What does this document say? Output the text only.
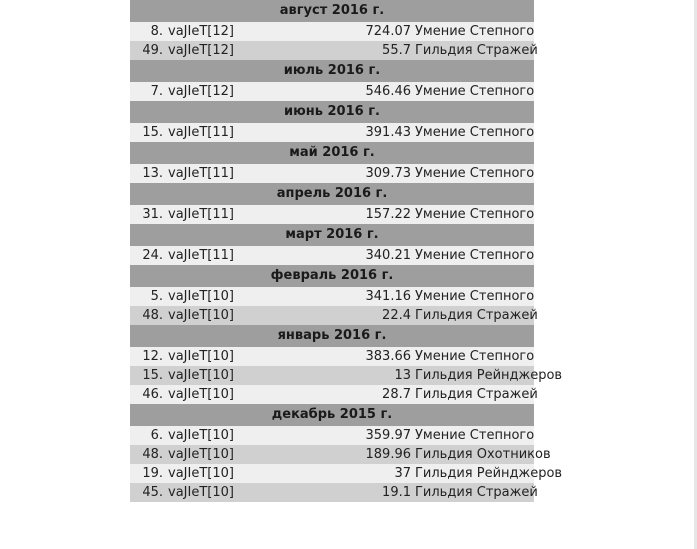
август 2016 г.
8. vaJIeT[12]	724.07 Умение Степного
49. vaJIeT[12]	55.7 Гильдия Стражей
июль 2016 г.
7. vaJIeT[12]	546.46 Умение Степного
июнь 2016 г.
15. vaJIeT[11]	391.43 Умение Степного
май 2016 г.
13. vaJIeT[11]	309.73 Умение Степного
апрель 2016 г.
31. vaJIeT[11]	157.22 Умение Степного
март 2016 г.
24. vaJIeT[11]	340.21 Умение Степного
февраль 2016 г.
5. vaJIeT[10]	341.16 Умение Степного
48. vaJIeT[10]	22.4 Гильдия Стражей
январь 2016 г.
12. vaJIeT[10]	383.66 Умение Степного
15. vaJIeT[10]	13 Гильдия Рейнджеров
46. vaJIeT[10]	28.7 Гильдия Стражей
декабрь 2015 г.
6. vaJIeT[10]	359.97 Умение Степного
48. vaJIeT[10]	189.96 Гильдия Охотников
19. vaJIeT[10]	37 Гильдия Рейнджеров
45. vaJIeT[10]	19.1 Гильдия Стражей
